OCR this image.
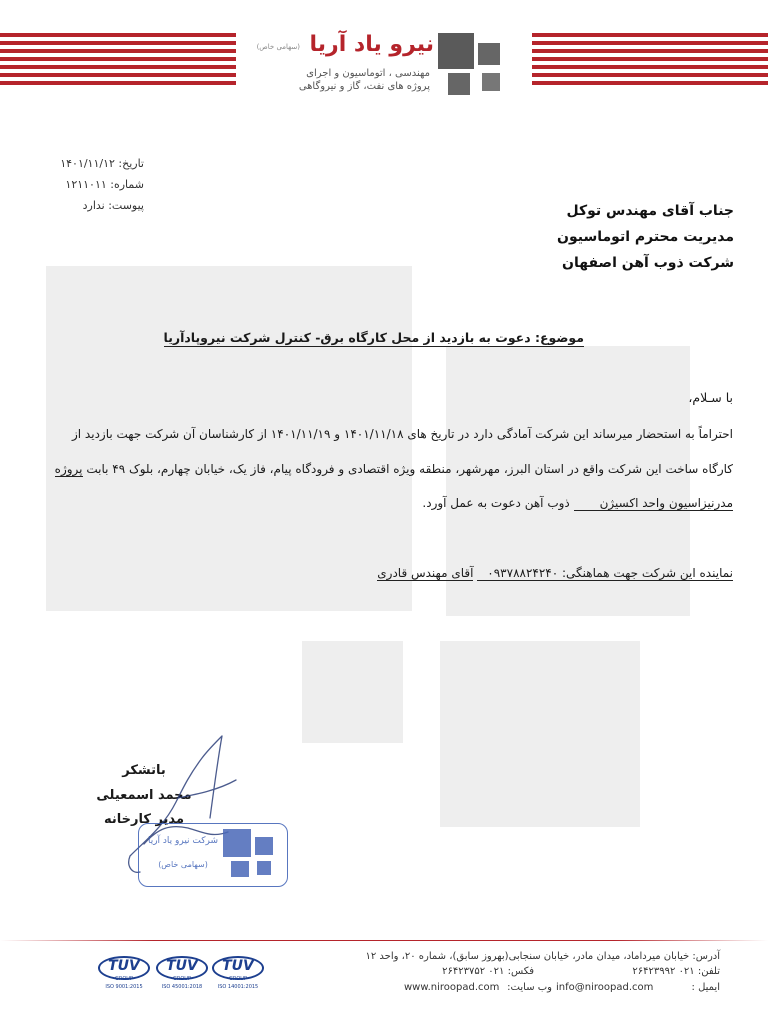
نیرو یاد آریا
(سهامی خاص)
مهندسی ، اتوماسیون و اجرای
پروژه های نفت، گاز و نیروگاهی
تاریخ: ۱۴۰۱/۱۱/۱۲
شماره: ۱۲۱۱۰۱۱
پیوست: ندارد	جناب آقای مهندس توکل
مدیریت محترم اتوماسیون
شرکت ذوب آهن اصفهان
موضوع: دعوت به بازدید از محل کارگاه برق- کنترل شرکت نیروپادآریا
با سـلام،
احتراماً به استحضار میرساند این شرکت آمادگی دارد در تاریخ های ۱۴۰۱/۱۱/۱۸ و ۱۴۰۱/۱۱/۱۹ از کارشناسان آن شرکت جهت بازدید از
کارگاه ساخت این شرکت واقع در استان البرز، مهرشهر، منطقه ویژه اقتصادی و فرودگاه پیام، فاز یک، خیابان چهارم، بلوک ۴۹ بابت پروژه
مدرنیزاسیون واحد اکسیژن ذوب آهن دعوت به عمل آورد.
نماینده این شرکت جهت هماهنگی: ۰۹۳۷۸۸۲۴۲۴۰ آقای مهندس قادری
باتشکر
محمد اسمعیلی
مدیر کارخانه
شرکت نیرو یاد آریا
(سهامی خاص)
TUV
GROUP
ISO 9001:2015
TUV
GROUP
ISO 45001:2018
TUV
GROUP
ISO 14001:2015
آدرس: خیابان میرداماد، میدان مادر، خیابان سنجابی(بهروز سابق)، شماره ۲۰، واحد ۱۲
تلفن: ۰۲۱ ۲۶۴۲۳۹۹۲
فکس: ۰۲۱ ۲۶۴۲۳۷۵۲
ایمیل :
info@niroopad.com
وب سایت:
www.niroopad.com
